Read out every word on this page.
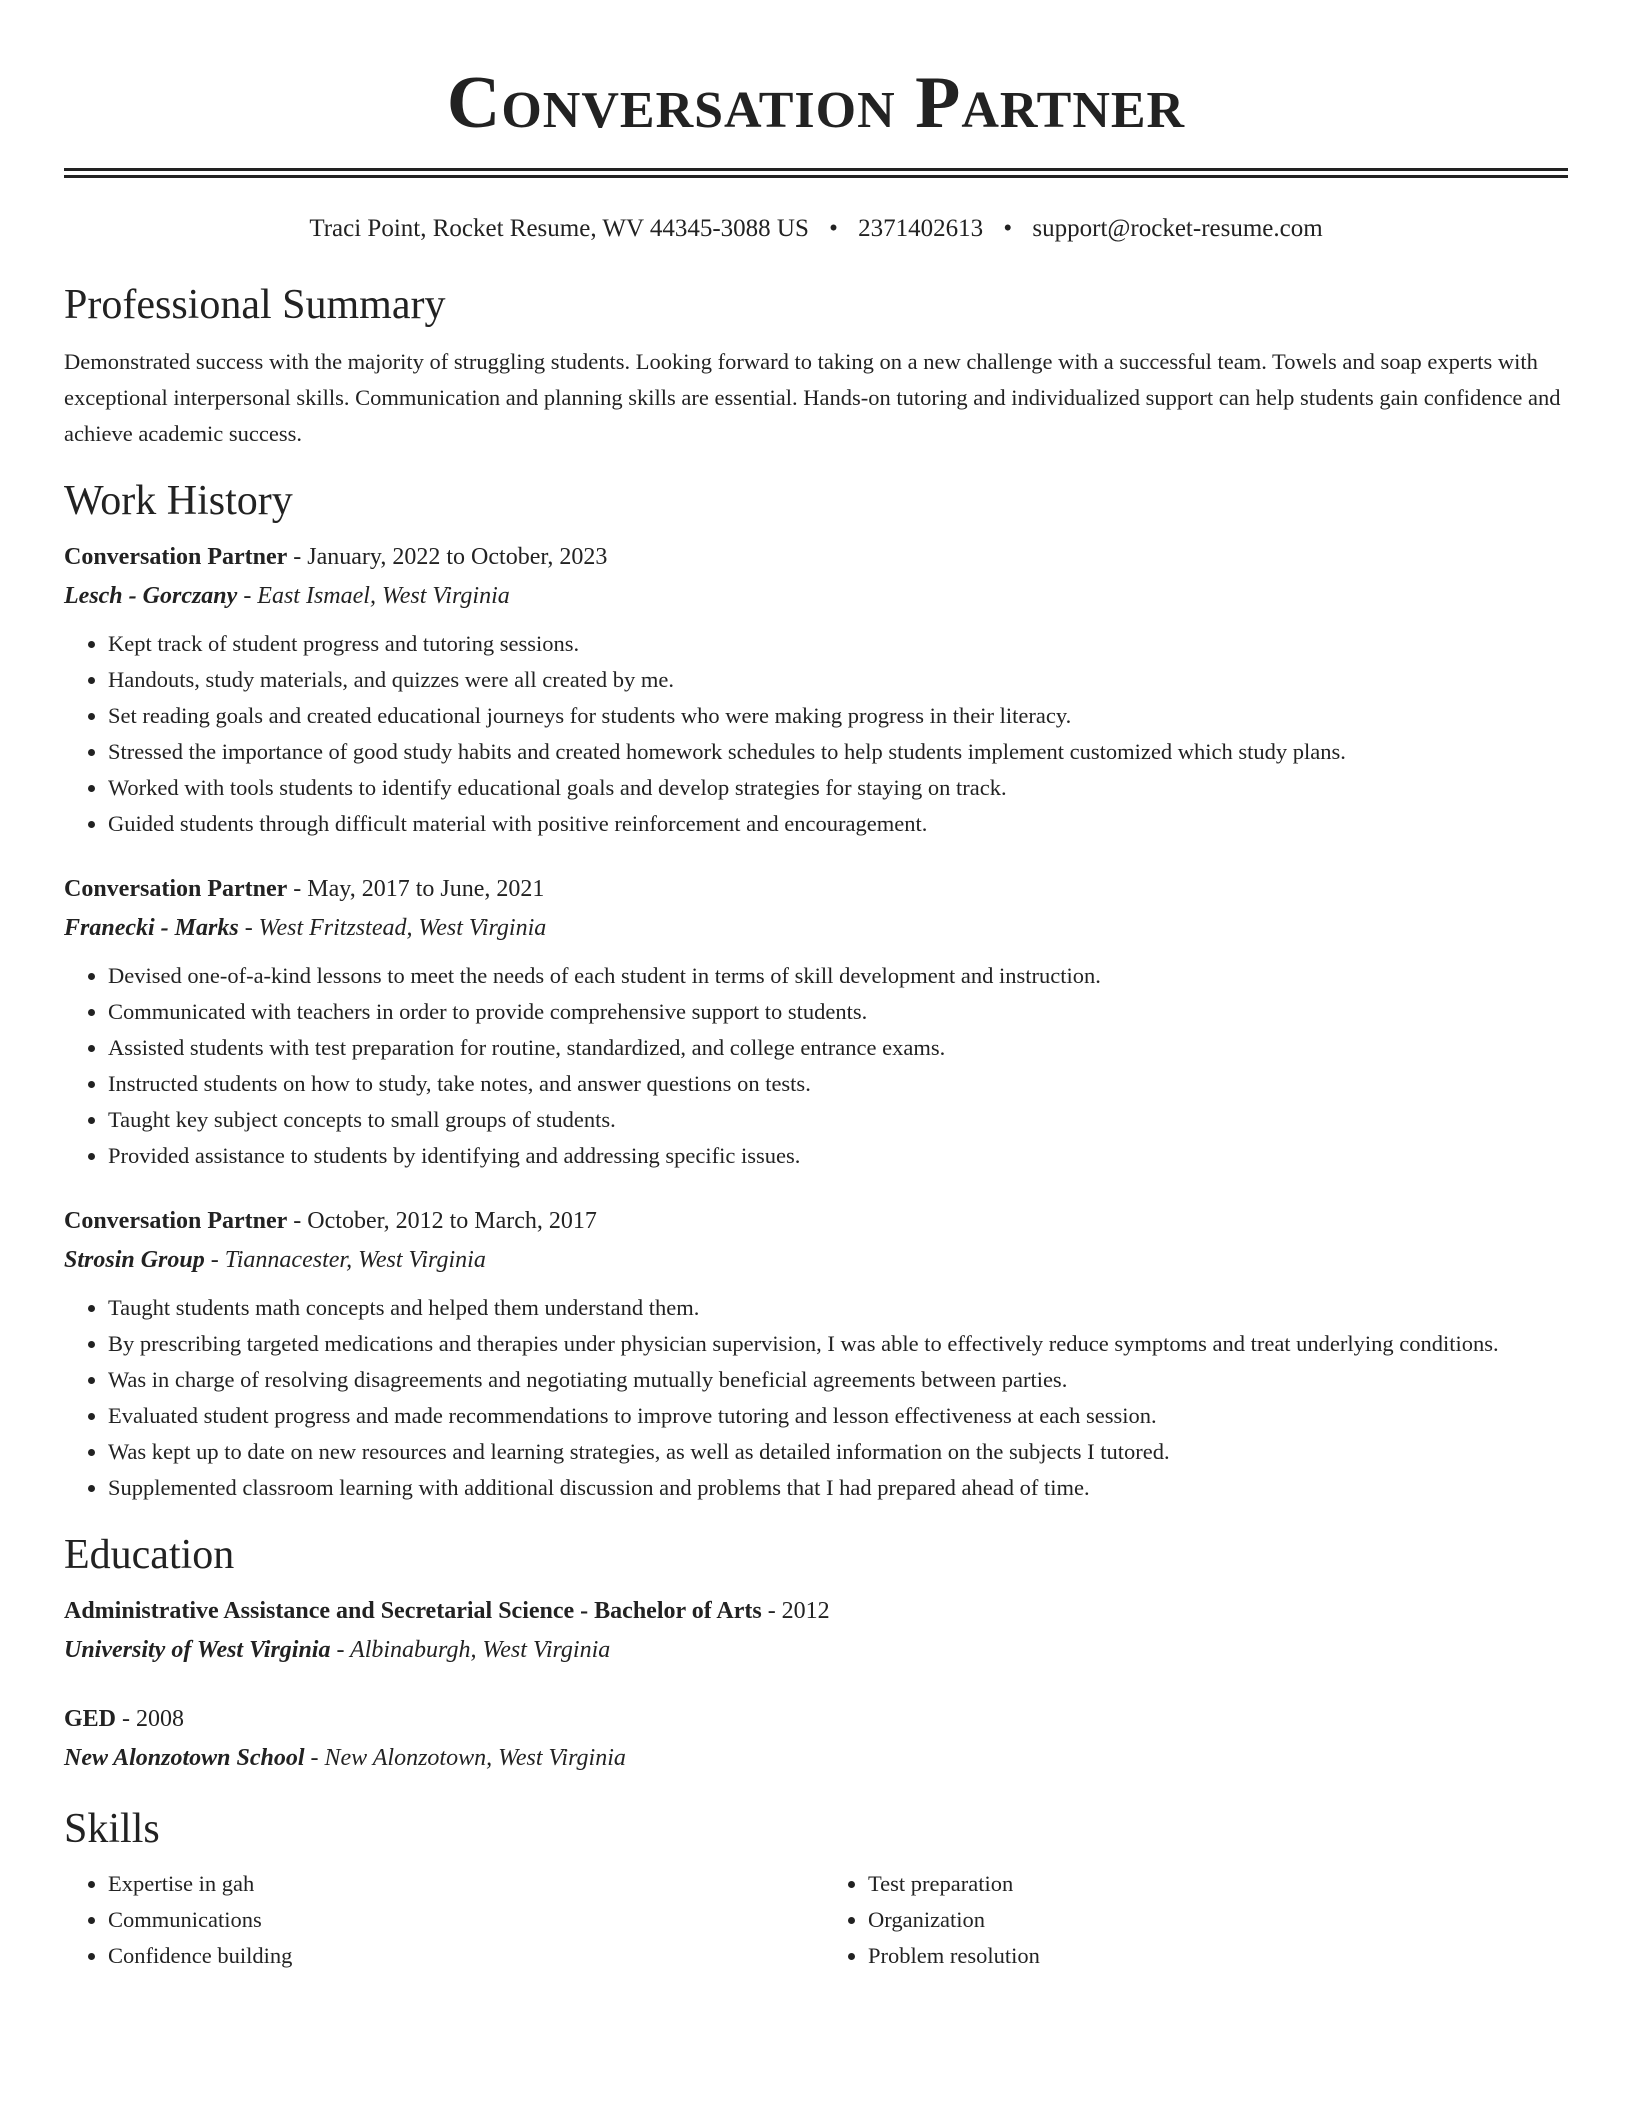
Conversation Partner
Traci Point, Rocket Resume, WV 44345-3088 US • 2371402613 • support@rocket-resume.com
Professional Summary

Demonstrated success with the majority of struggling students. Looking forward to taking on a new challenge with a successful team. Towels and soap experts with exceptional interpersonal skills. Communication and planning skills are essential. Hands-on tutoring and individualized support can help students gain confidence and achieve academic success.

Work History
Conversation Partner - January, 2022 to October, 2023
Lesch - Gorczany - East Ismael, West Virginia
• Kept track of student progress and tutoring sessions.
• Handouts, study materials, and quizzes were all created by me.
• Set reading goals and created educational journeys for students who were making progress in their literacy.
• Stressed the importance of good study habits and created homework schedules to help students implement customized which study plans.
• Worked with tools students to identify educational goals and develop strategies for staying on track.
• Guided students through difficult material with positive reinforcement and encouragement.
Conversation Partner - May, 2017 to June, 2021
Franecki - Marks - West Fritzstead, West Virginia
• Devised one-of-a-kind lessons to meet the needs of each student in terms of skill development and instruction.
• Communicated with teachers in order to provide comprehensive support to students.
• Assisted students with test preparation for routine, standardized, and college entrance exams.
• Instructed students on how to study, take notes, and answer questions on tests.
• Taught key subject concepts to small groups of students.
• Provided assistance to students by identifying and addressing specific issues.
Conversation Partner - October, 2012 to March, 2017
Strosin Group - Tiannacester, West Virginia
• Taught students math concepts and helped them understand them.
• By prescribing targeted medications and therapies under physician supervision, I was able to effectively reduce symptoms and treat underlying conditions.
• Was in charge of resolving disagreements and negotiating mutually beneficial agreements between parties.
• Evaluated student progress and made recommendations to improve tutoring and lesson effectiveness at each session.
• Was kept up to date on new resources and learning strategies, as well as detailed information on the subjects I tutored.
• Supplemented classroom learning with additional discussion and problems that I had prepared ahead of time.
Education
Administrative Assistance and Secretarial Science - Bachelor of Arts - 2012
University of West Virginia - Albinaburgh, West Virginia
GED - 2008
New Alonzotown School - New Alonzotown, West Virginia
Skills
• Expertise in gah
• Communications
• Confidence building
• Test preparation
• Organization
• Problem resolution
